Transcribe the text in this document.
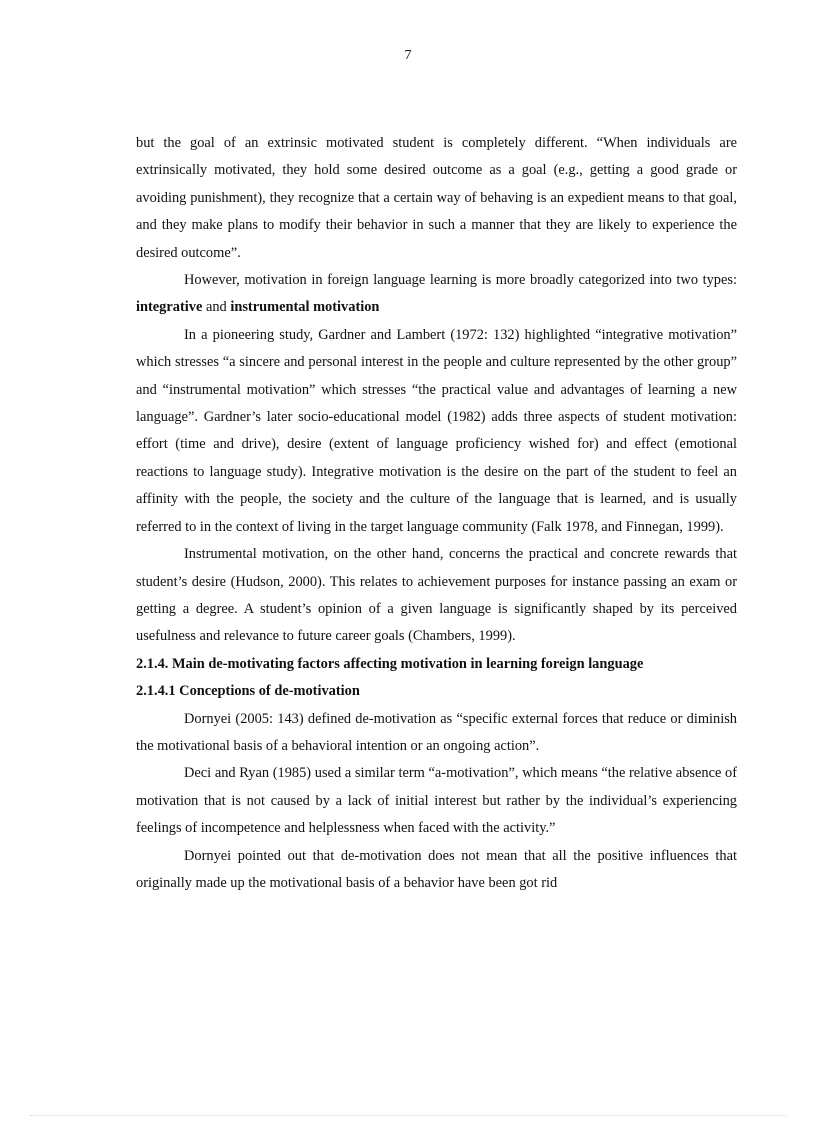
7

but the goal of an extrinsic motivated student is completely different. “When individuals are extrinsically motivated, they hold some desired outcome as a goal (e.g., getting a good grade or avoiding punishment), they recognize that a certain way of behaving is an expedient means to that goal, and they make plans to modify their behavior in such a manner that they are likely to experience the desired outcome”.

However, motivation in foreign language learning is more broadly categorized into two types: integrative and instrumental motivation

In a pioneering study, Gardner and Lambert (1972: 132) highlighted “integrative motivation” which stresses “a sincere and personal interest in the people and culture represented by the other group” and “instrumental motivation” which stresses “the practical value and advantages of learning a new language”. Gardner’s later socio-educational model (1982) adds three aspects of student motivation: effort (time and drive), desire (extent of language proficiency wished for) and effect (emotional reactions to language study). Integrative motivation is the desire on the part of the student to feel an affinity with the people, the society and the culture of the language that is learned, and is usually referred to in the context of living in the target language community (Falk 1978, and Finnegan, 1999).

Instrumental motivation, on the other hand, concerns the practical and concrete rewards that student’s desire (Hudson, 2000). This relates to achievement purposes for instance passing an exam or getting a degree. A student’s opinion of a given language is significantly shaped by its perceived usefulness and relevance to future career goals (Chambers, 1999).

2.1.4. Main de-motivating factors affecting motivation in learning foreign language

2.1.4.1 Conceptions of de-motivation

Dornyei (2005: 143) defined de-motivation as “specific external forces that reduce or diminish the motivational basis of a behavioral intention or an ongoing action”.

Deci and Ryan (1985) used a similar term “a-motivation”, which means “the relative absence of motivation that is not caused by a lack of initial interest but rather by the individual’s experiencing feelings of incompetence and helplessness when faced with the activity.”

Dornyei pointed out that de-motivation does not mean that all the positive influences that originally made up the motivational basis of a behavior have been got rid
